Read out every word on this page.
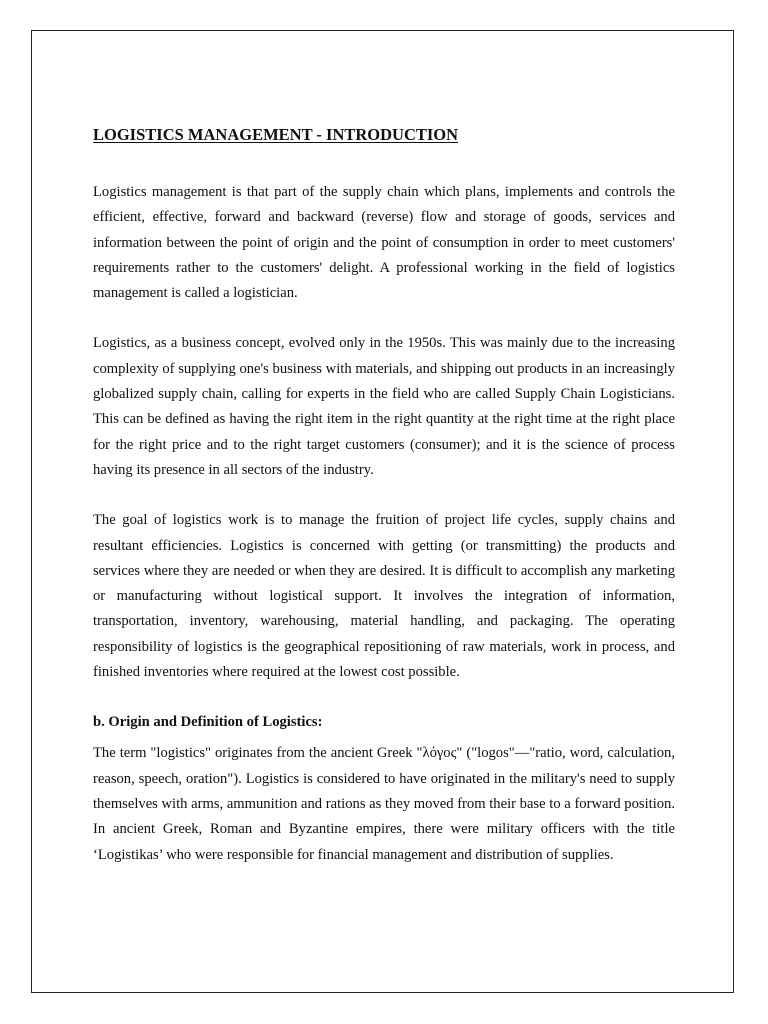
LOGISTICS MANAGEMENT - INTRODUCTION

Logistics management is that part of the supply chain which plans, implements and controls the efficient, effective, forward and backward (reverse) flow and storage of goods, services and information between the point of origin and the point of consumption in order to meet customers' requirements rather to the customers' delight. A professional working in the field of logistics management is called a logistician.

Logistics, as a business concept, evolved only in the 1950s. This was mainly due to the increasing complexity of supplying one's business with materials, and shipping out products in an increasingly globalized supply chain, calling for experts in the field who are called Supply Chain Logisticians. This can be defined as having the right item in the right quantity at the right time at the right place for the right price and to the right target customers (consumer); and it is the science of process having its presence in all sectors of the industry.

The goal of logistics work is to manage the fruition of project life cycles, supply chains and resultant efficiencies. Logistics is concerned with getting (or transmitting) the products and services where they are needed or when they are desired. It is difficult to accomplish any marketing or manufacturing without logistical support. It involves the integration of information, transportation, inventory, warehousing, material handling, and packaging. The operating responsibility of logistics is the geographical repositioning of raw materials, work in process, and finished inventories where required at the lowest cost possible.

b. Origin and Definition of Logistics:

The term "logistics" originates from the ancient Greek "λόγος" ("logos"—"ratio, word, calculation, reason, speech, oration"). Logistics is considered to have originated in the military's need to supply themselves with arms, ammunition and rations as they moved from their base to a forward position. In ancient Greek, Roman and Byzantine empires, there were military officers with the title ‘Logistikas’ who were responsible for financial management and distribution of supplies.
